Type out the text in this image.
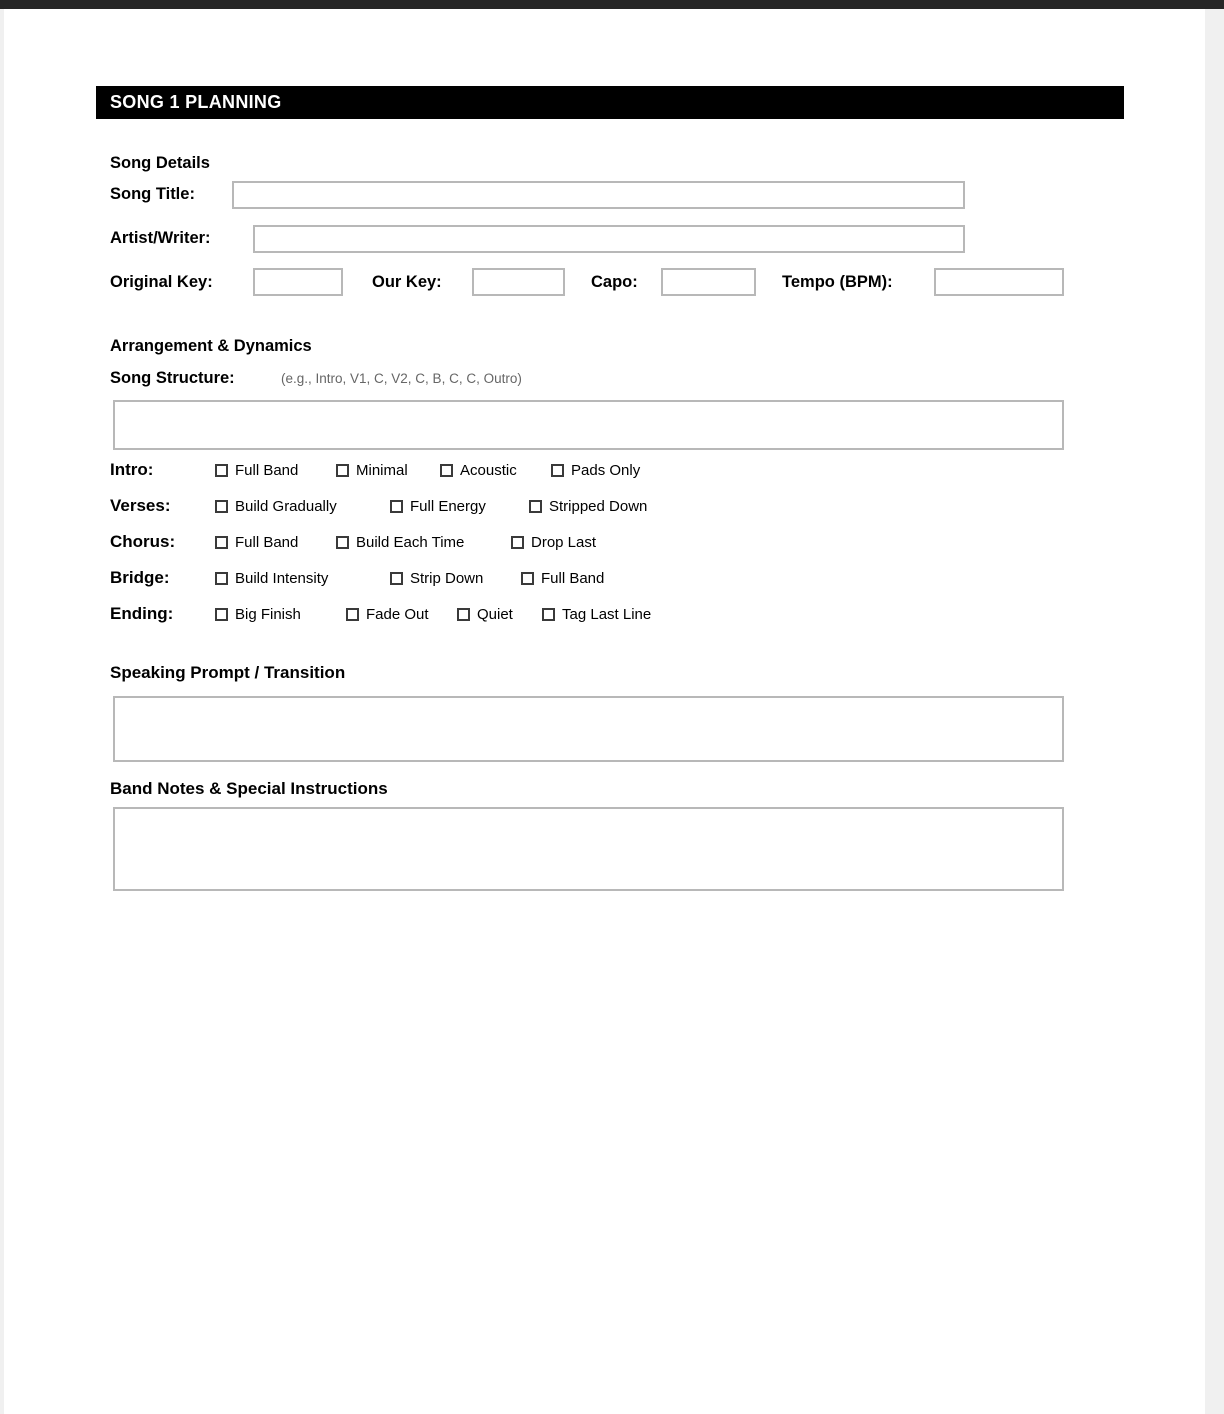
SONG 1 PLANNING
Song Details
Song Title:
Artist/Writer:
Original Key:	Our Key:	Capo:	Tempo (BPM):
Arrangement & Dynamics
Song Structure:	(e.g., Intro, V1, C, V2, C, B, C, C, Outro)
Intro:	Full Band	Minimal	Acoustic	Pads Only
Verses:	Build Gradually	Full Energy	Stripped Down
Chorus:	Full Band	Build Each Time	Drop Last
Bridge:	Build Intensity	Strip Down	Full Band
Ending:	Big Finish	Fade Out	Quiet	Tag Last Line
Speaking Prompt / Transition
Band Notes & Special Instructions
